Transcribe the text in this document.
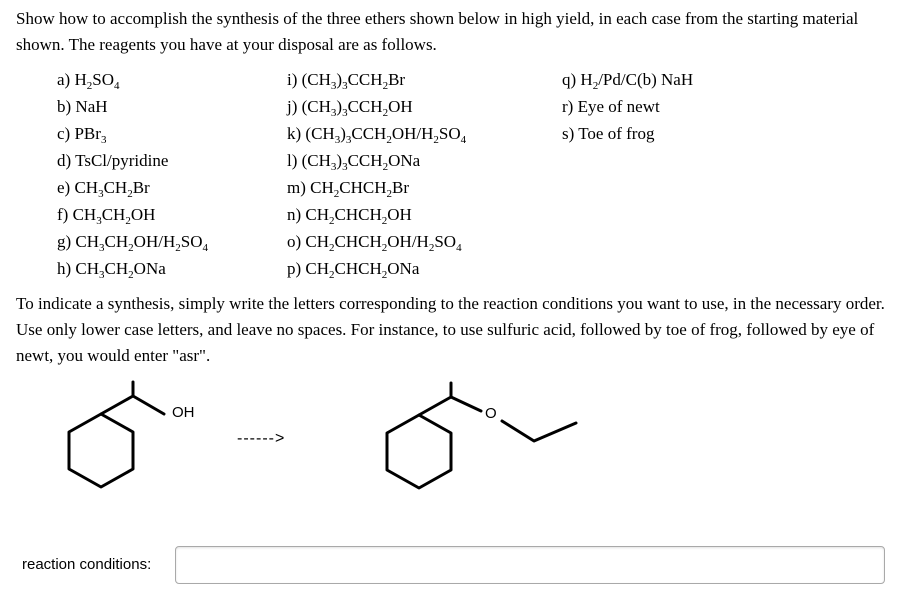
Show how to accomplish the synthesis of the three ethers shown below in high yield, in each case from the starting material shown. The reagents you have at your disposal are as follows.
a) $H_2SO_4$
b) NaH
c) PBr$_3$
d) TsCl/pyridine
e) $CH_3CH_2Br$
f) $CH_3CH_2OH$
g) $CH_3CH_2OH/H_2SO_4$
h) $CH_3CH_2ONa$
i) $(CH_3)_3CCH_2Br$
j) $(CH_3)_3CCH_2OH$
k) $(CH_3)_3CCH_2OH/H_2SO_4$
l) $(CH_3)_3CCH_2ONa$
m) $CH_2CHCH_2Br$
n) $CH_2CHCH_2OH$
o) $CH_2CHCH_2OH/H_2SO_4$
p) $CH_2CHCH_2ONa$
q) $H_2/Pd/C(b)$ NaH
r) Eye of newt
s) Toe of frog
To indicate a synthesis, simply write the letters corresponding to the reaction conditions you want to use, in the necessary order. Use only lower case letters, and leave no spaces. For instance, to use sulfuric acid, followed by toe of frog, followed by eye of newt, you would enter "asr".
OH
------>
O
reaction conditions:
